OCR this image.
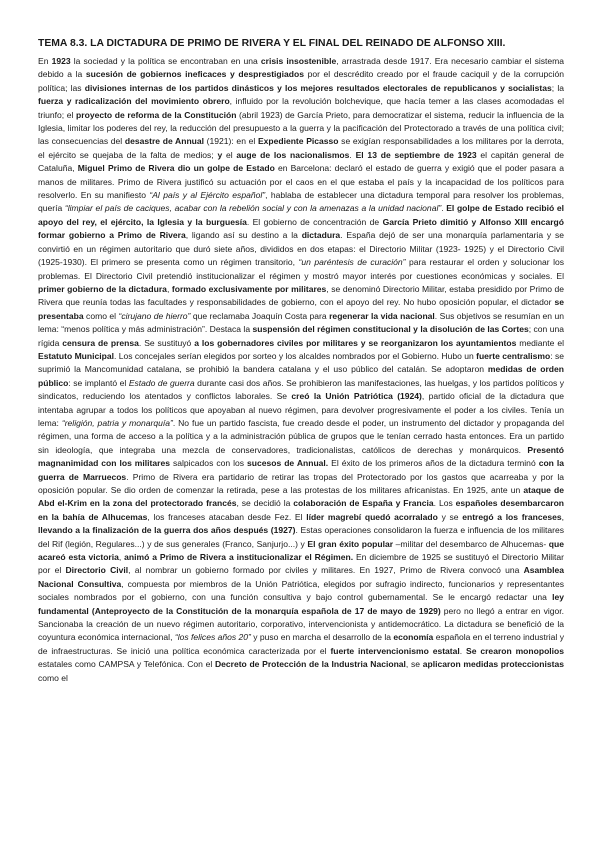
TEMA 8.3. LA DICTADURA DE PRIMO DE RIVERA Y EL FINAL DEL REINADO DE ALFONSO XIII.

En 1923 la sociedad y la política se encontraban en una crisis insostenible, arrastrada desde 1917. Era necesario cambiar el sistema debido a la sucesión de gobiernos ineficaces y desprestigiados por el descrédito creado por el fraude caciquil y de la corrupción política; las divisiones internas de los partidos dinásticos y los mejores resultados electorales de republicanos y socialistas; la fuerza y radicalización del movimiento obrero, influido por la revolución bolchevique, que hacía temer a las clases acomodadas el triunfo; el proyecto de reforma de la Constitución (abril 1923) de García Prieto, para democratizar el sistema, reducir la influencia de la Iglesia, limitar los poderes del rey, la reducción del presupuesto a la guerra y la pacificación del Protectorado a través de una política civil; las consecuencias del desastre de Annual (1921): en el Expediente Picasso se exigían responsabilidades a los militares por la derrota, el ejército se quejaba de la falta de medios; y el auge de los nacionalismos. El 13 de septiembre de 1923 el capitán general de Cataluña, Miguel Primo de Rivera dio un golpe de Estado en Barcelona: declaró el estado de guerra y exigió que el poder pasara a manos de militares. Primo de Rivera justificó su actuación por el caos en el que estaba el país y la incapacidad de los políticos para resolverlo. En su manifiesto “Al país y al Ejército español”, hablaba de establecer una dictadura temporal para resolver los problemas, quería “limpiar el país de caciques, acabar con la rebelión social y con la amenazas a la unidad nacional”. El golpe de Estado recibió el apoyo del rey, el ejército, la Iglesia y la burguesía. El gobierno de concentración de García Prieto dimitió y Alfonso XIII encargó formar gobierno a Primo de Rivera, ligando así su destino a la dictadura. España dejó de ser una monarquía parlamentaria y se convirtió en un régimen autoritario que duró siete años, divididos en dos etapas: el Directorio Militar (1923- 1925) y el Directorio Civil (1925-1930). El primero se presenta como un régimen transitorio, “un paréntesis de curación” para restaurar el orden y solucionar los problemas. El Directorio Civil pretendió institucionalizar el régimen y mostró mayor interés por cuestiones económicas y sociales. El primer gobierno de la dictadura, formado exclusivamente por militares, se denominó Directorio Militar, estaba presidido por Primo de Rivera que reunía todas las facultades y responsabilidades de gobierno, con el apoyo del rey. No hubo oposición popular, el dictador se presentaba como el “cirujano de hierro” que reclamaba Joaquín Costa para regenerar la vida nacional. Sus objetivos se resumían en un lema: “menos política y más administración”. Destaca la suspensión del régimen constitucional y la disolución de las Cortes; con una rígida censura de prensa. Se sustituyó a los gobernadores civiles por militares y se reorganizaron los ayuntamientos mediante el Estatuto Municipal. Los concejales serían elegidos por sorteo y los alcaldes nombrados por el Gobierno. Hubo un fuerte centralismo: se suprimió la Mancomunidad catalana, se prohibió la bandera catalana y el uso público del catalán. Se adoptaron medidas de orden público: se implantó el Estado de guerra durante casi dos años. Se prohibieron las manifestaciones, las huelgas, y los partidos políticos y sindicatos, reduciendo los atentados y conflictos laborales. Se creó la Unión Patriótica (1924), partido oficial de la dictadura que intentaba agrupar a todos los políticos que apoyaban al nuevo régimen, para devolver progresivamente el poder a los civiles. Tenía un lema: “religión, patria y monarquía”. No fue un partido fascista, fue creado desde el poder, un instrumento del dictador y propaganda del régimen, una forma de acceso a la política y a la administración pública de grupos que le tenían cerrado hasta entonces. Era un partido sin ideología, que integraba una mezcla de conservadores, tradicionalistas, católicos de derechas y monárquicos. Presentó magnanimidad con los militares salpicados con los sucesos de Annual. El éxito de los primeros años de la dictadura terminó con la guerra de Marruecos. Primo de Rivera era partidario de retirar las tropas del Protectorado por los gastos que acarreaba y por la oposición popular. Se dio orden de comenzar la retirada, pese a las protestas de los militares africanistas. En 1925, ante un ataque de Abd el-Krim en la zona del protectorado francés, se decidió la colaboración de España y Francia. Los españoles desembarcaron en la bahía de Alhucemas, los franceses atacaban desde Fez. El líder magrebí quedó acorralado y se entregó a los franceses, llevando a la finalización de la guerra dos años después (1927). Estas operaciones consolidaron la fuerza e influencia de los militares del Rif (legión, Regulares...) y de sus generales (Franco, Sanjurjo...) y El gran éxito popular –militar del desembarco de Alhucemas- que acareó esta victoria, animó a Primo de Rivera a institucionalizar el Régimen. En diciembre de 1925 se sustituyó el Directorio Militar por el Directorio Civil, al nombrar un gobierno formado por civiles y militares. En 1927, Primo de Rivera convocó una Asamblea Nacional Consultiva, compuesta por miembros de la Unión Patriótica, elegidos por sufragio indirecto, funcionarios y representantes sociales nombrados por el gobierno, con una función consultiva y bajo control gubernamental. Se le encargó redactar una ley fundamental (Anteproyecto de la Constitución de la monarquía española de 17 de mayo de 1929) pero no llegó a entrar en vigor. Sancionaba la creación de un nuevo régimen autoritario, corporativo, intervencionista y antidemocrático. La dictadura se benefició de la coyuntura económica internacional, “los felices años 20” y puso en marcha el desarrollo de la economía española en el terreno industrial y de infraestructuras. Se inició una política económica caracterizada por el fuerte intervencionismo estatal. Se crearon monopolios estatales como CAMPSA y Telefónica. Con el Decreto de Protección de la Industria Nacional, se aplicaron medidas proteccionistas como el
